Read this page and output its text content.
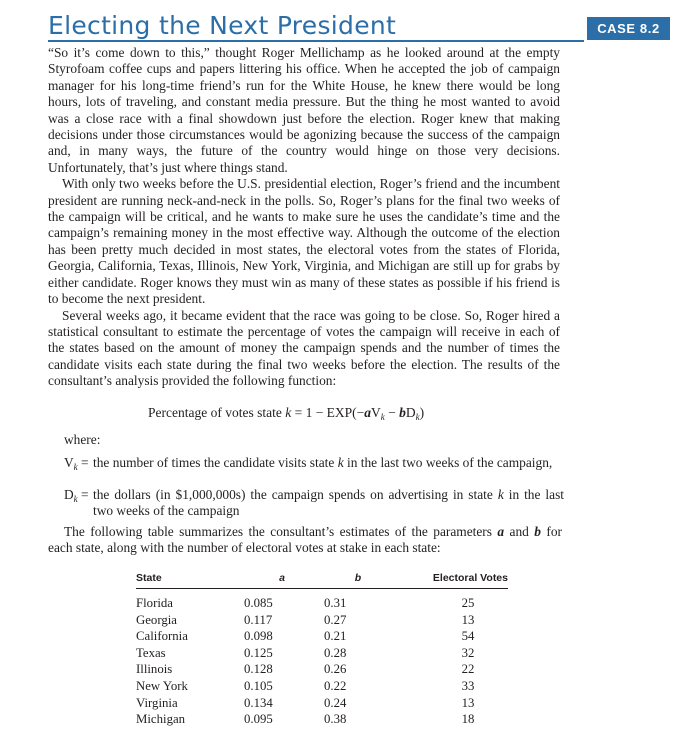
Electing the Next President	CASE 8.2

“So it’s come down to this,” thought Roger Mellichamp as he looked around at the empty Styrofoam coffee cups and papers littering his office. When he accepted the job of campaign manager for his long-time friend’s run for the White House, he knew there would be long hours, lots of traveling, and constant media pressure. But the thing he most wanted to avoid was a close race with a final showdown just before the election. Roger knew that making decisions under those circumstances would be agonizing because the success of the campaign and, in many ways, the future of the country would hinge on those very decisions. Unfortunately, that’s just where things stand.

With only two weeks before the U.S. presidential election, Roger’s friend and the incumbent president are running neck-and-neck in the polls. So, Roger’s plans for the final two weeks of the campaign will be critical, and he wants to make sure he uses the candidate’s time and the campaign’s remaining money in the most effective way. Although the outcome of the election has been pretty much decided in most states, the electoral votes from the states of Florida, Georgia, California, Texas, Illinois, New York, Virginia, and Michigan are still up for grabs by either candidate. Roger knows they must win as many of these states as possible if his friend is to become the next president.

Several weeks ago, it became evident that the race was going to be close. So, Roger hired a statistical consultant to estimate the percentage of votes the campaign will receive in each of the states based on the amount of money the campaign spends and the number of times the candidate visits each state during the final two weeks before the election. The results of the consultant’s analysis provided the following function:

Percentage of votes state $k = 1 - EXP(-aV_k - bD_k)$
where:
$V_k$ = the number of times the candidate visits state k in the last two weeks of the campaign,
$D_k$ = the dollars (in $1,000,000s) the campaign spends on advertising in state k in the last two weeks of the campaign
The following table summarizes the consultant’s estimates of the parameters a and b for each state, along with the number of electoral votes at stake in each state:
State	a	b	Electoral Votes
Florida	0.085	0.31	25
Georgia	0.117	0.27	13
California	0.098	0.21	54
Texas	0.125	0.28	32
Illinois	0.128	0.26	22
New York	0.105	0.22	33
Virginia	0.134	0.24	13
Michigan	0.095	0.38	18
